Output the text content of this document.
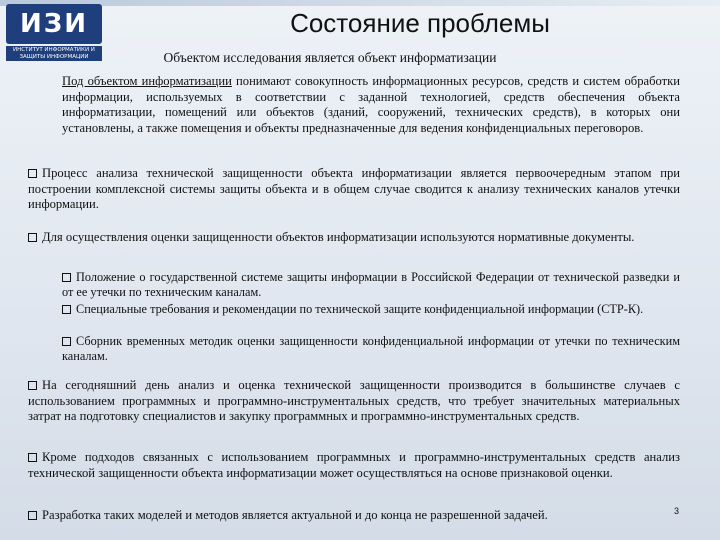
ИЗИ
ИНСТИТУТ ИНФОРМАТИКИ И ЗАЩИТЫ ИНФОРМАЦИИ
Состояние проблемы
Объектом исследования является объект информатизации
Под объектом информатизации понимают совокупность информационных ресурсов, средств и систем обработки информации, используемых в соответствии с заданной технологией, средств обеспечения объекта информатизации, помещений или объектов (зданий, сооружений, технических средств), в которых они установлены, а также помещения и объекты предназначенные для ведения конфиденциальных переговоров.
Процесс анализа технической защищенности объекта информатизации является первоочередным этапом при построении комплексной системы защиты объекта и в общем случае сводится к анализу технических каналов утечки информации.
Для осуществления оценки защищенности объектов информатизации используются нормативные документы.
Положение о государственной системе защиты информации в Российской Федерации от технической разведки и от ее утечки по техническим каналам.
Специальные требования и рекомендации по технической защите конфиденциальной информации (СТР-К).
Сборник временных методик оценки защищенности конфиденциальной информации от утечки по техническим каналам.
На сегодняшний день анализ и оценка технической защищенности производится в большинстве случаев с использованием программных и программно-инструментальных средств, что требует значительных материальных затрат на подготовку специалистов и закупку программных и программно-инструментальных средств.
Кроме подходов связанных с использованием программных и программно-инструментальных средств анализ технической защищенности объекта информатизации может осуществляться на основе признаковой оценки.
Разработка таких моделей и методов является актуальной и до конца не разрешенной задачей.	3
